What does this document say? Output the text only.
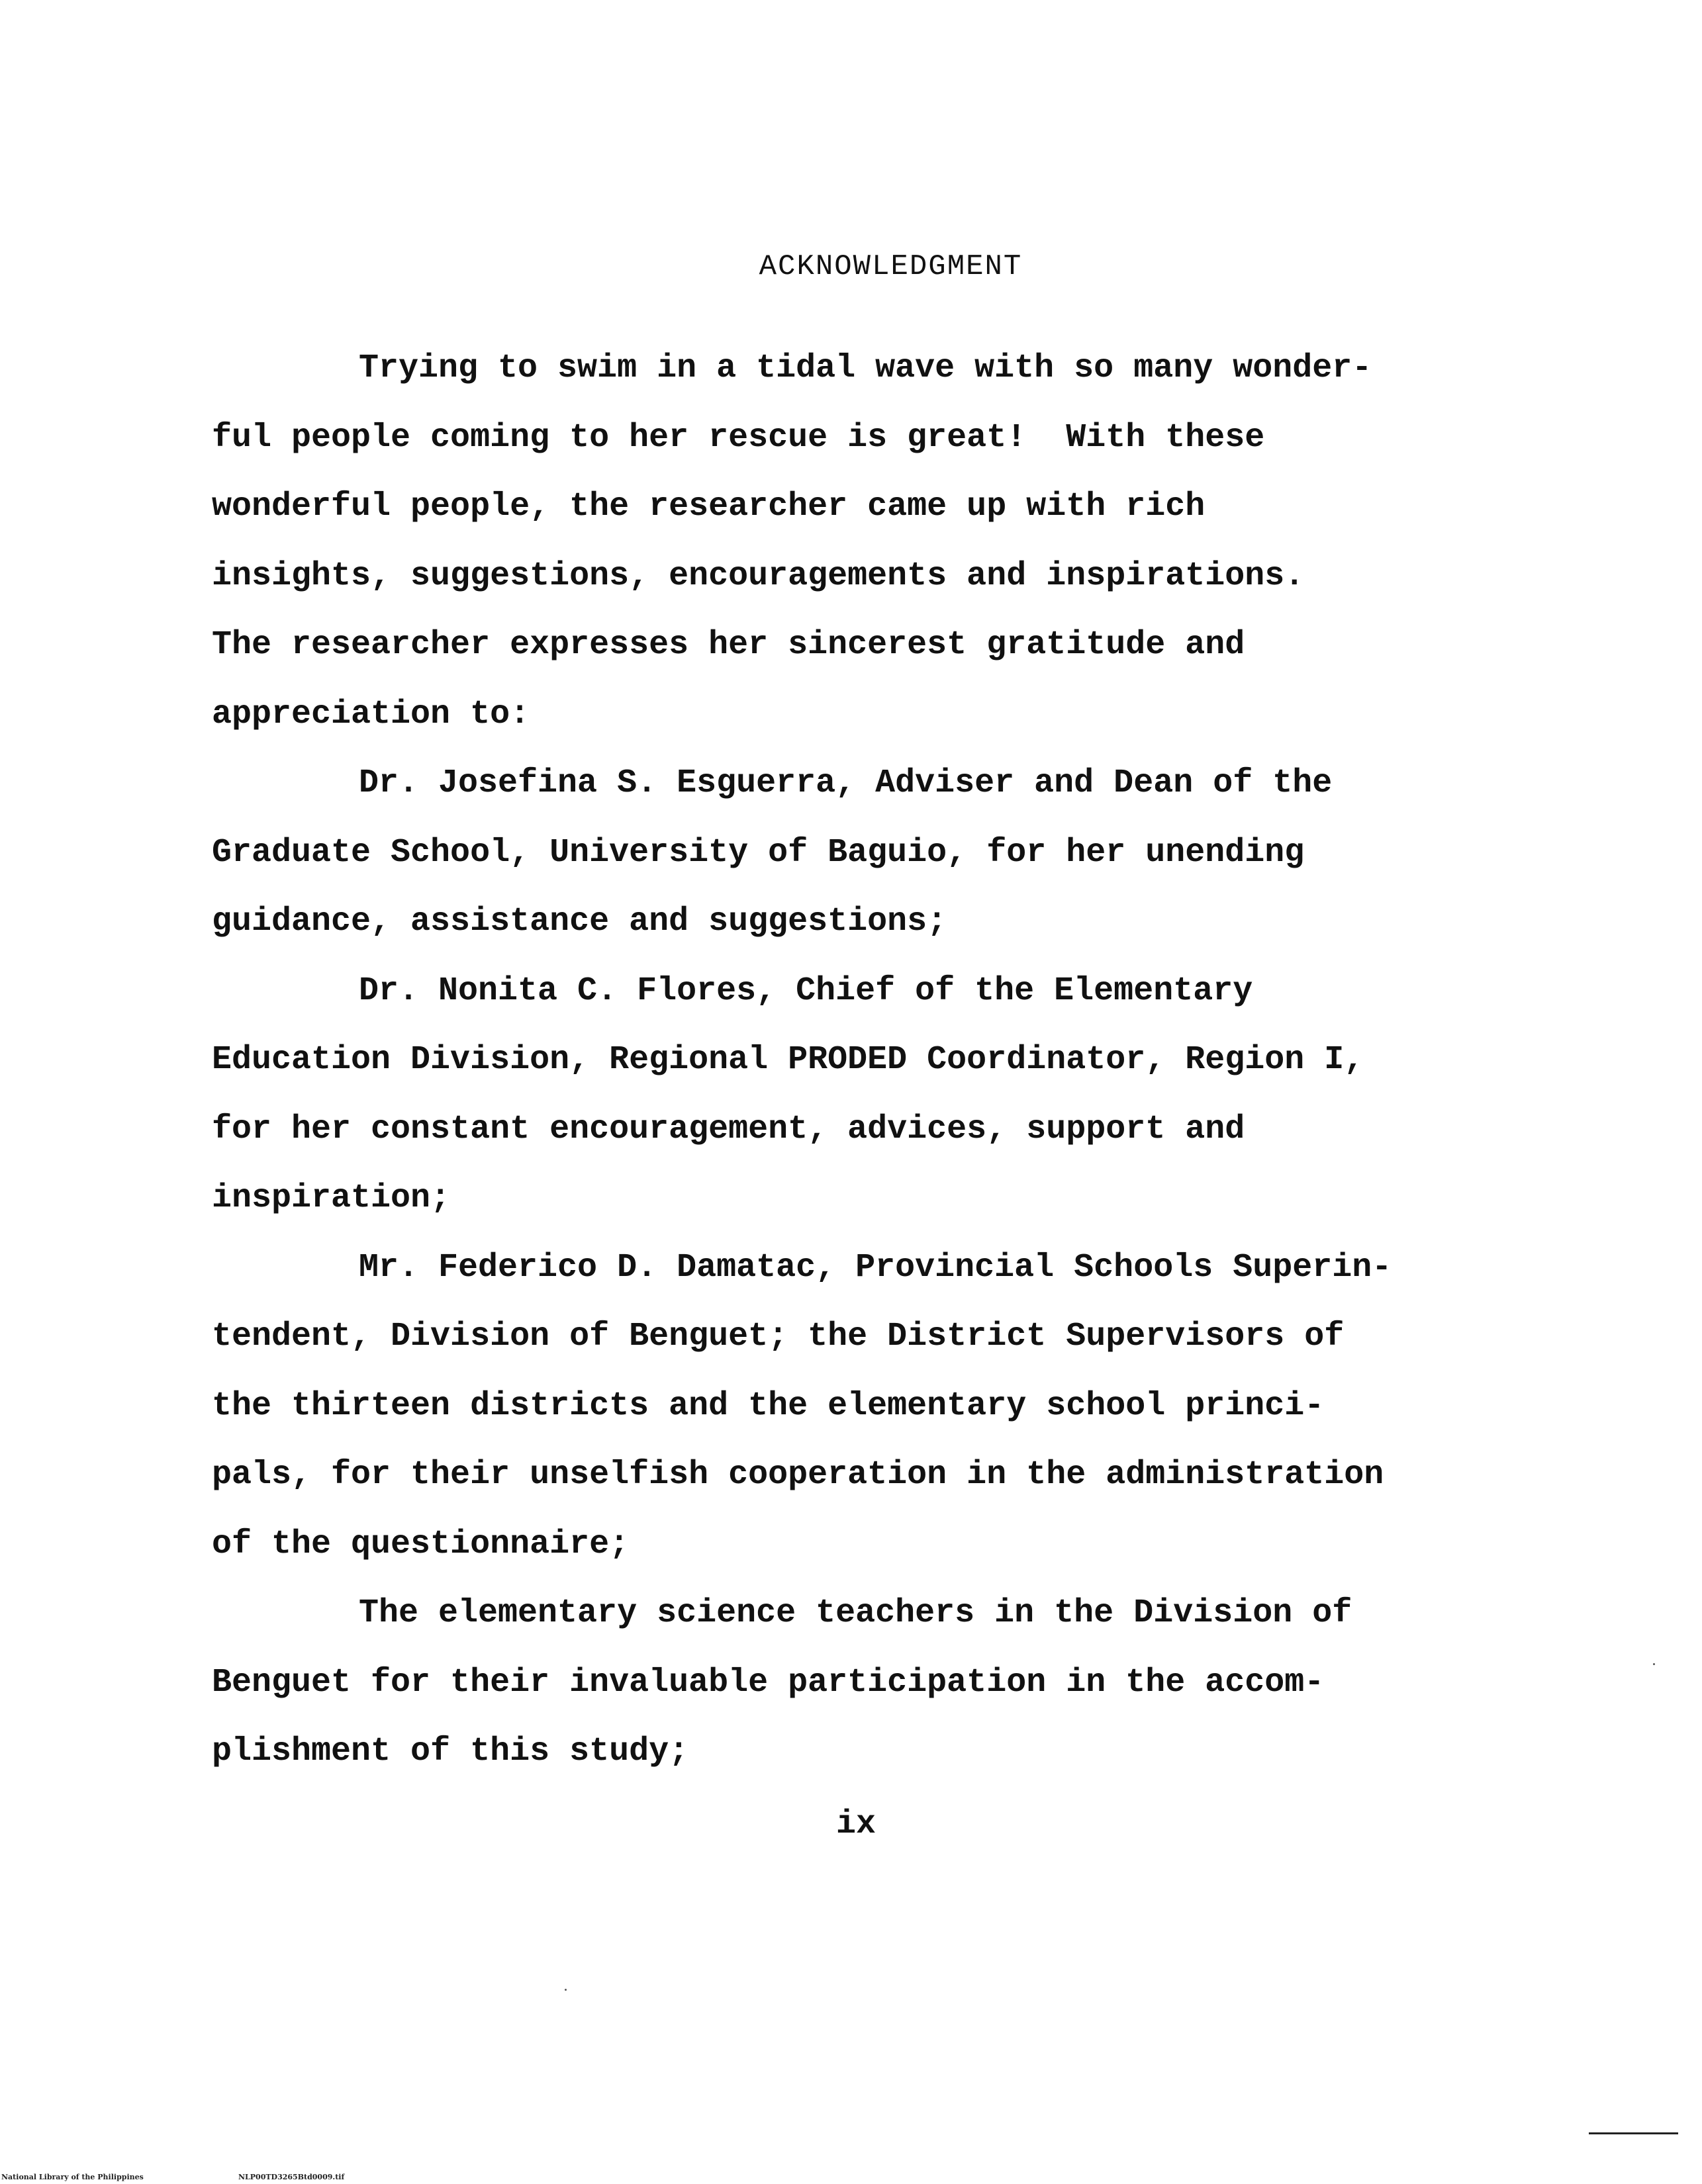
ACKNOWLEDGMENT
Trying to swim in a tidal wave with so many wonder-
ful people coming to her rescue is great!  With these
wonderful people, the researcher came up with rich
insights, suggestions, encouragements and inspirations.
The researcher expresses her sincerest gratitude and
appreciation to:
Dr. Josefina S. Esguerra, Adviser and Dean of the
Graduate School, University of Baguio, for her unending
guidance, assistance and suggestions;
Dr. Nonita C. Flores, Chief of the Elementary
Education Division, Regional PRODED Coordinator, Region I,
for her constant encouragement, advices, support and
inspiration;
Mr. Federico D. Damatac, Provincial Schools Superin-
tendent, Division of Benguet; the District Supervisors of
the thirteen districts and the elementary school princi-
pals, for their unselfish cooperation in the administration
of the questionnaire;
The elementary science teachers in the Division of
Benguet for their invaluable participation in the accom-
plishment of this study;
ix
National Library of the Philippines	NLP00TD3265Btd0009.tif
